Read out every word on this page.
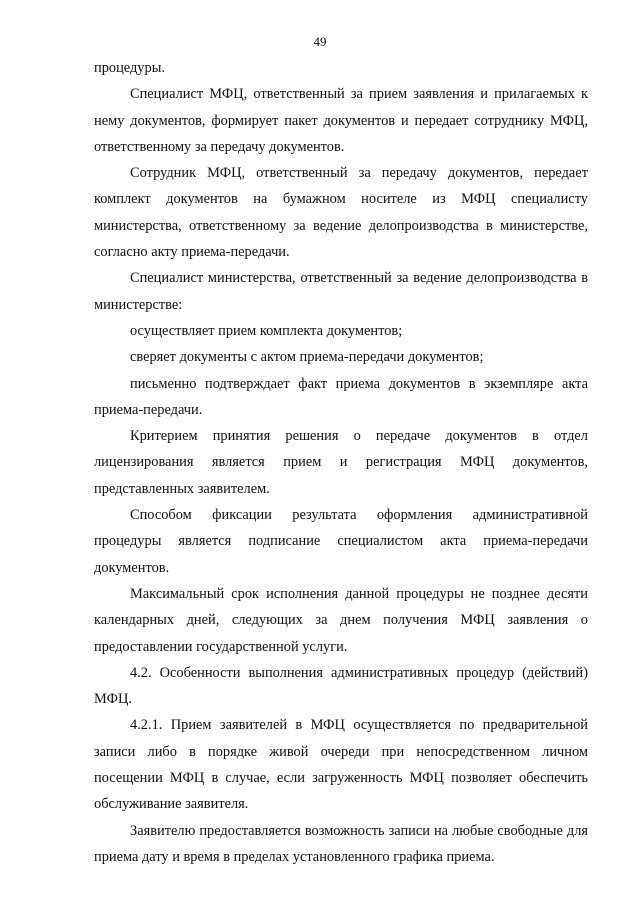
49

процедуры.

Специалист МФЦ, ответственный за прием заявления и прилагаемых к нему документов, формирует пакет документов и передает сотруднику МФЦ, ответственному за передачу документов.

Сотрудник МФЦ, ответственный за передачу документов, передает комплект документов на бумажном носителе из МФЦ специалисту министерства, ответственному за ведение делопроизводства в министерстве, согласно акту приема-передачи.

Специалист министерства, ответственный за ведение делопроизводства в министерстве:

осуществляет прием комплекта документов;

сверяет документы с актом приема-передачи документов;

письменно подтверждает факт приема документов в экземпляре акта приема-передачи.

Критерием принятия решения о передаче документов в отдел лицензирования является прием и регистрация МФЦ документов, представленных заявителем.

Способом фиксации результата оформления административной процедуры является подписание специалистом акта приема-передачи документов.

Максимальный срок исполнения данной процедуры не позднее десяти календарных дней, следующих за днем получения МФЦ заявления о предоставлении государственной услуги.

4.2. Особенности выполнения административных процедур (действий) МФЦ.

4.2.1. Прием заявителей в МФЦ осуществляется по предварительной записи либо в порядке живой очереди при непосредственном личном посещении МФЦ в случае, если загруженность МФЦ позволяет обеспечить обслуживание заявителя.

Заявителю предоставляется возможность записи на любые свободные для приема дату и время в пределах установленного графика приема.
